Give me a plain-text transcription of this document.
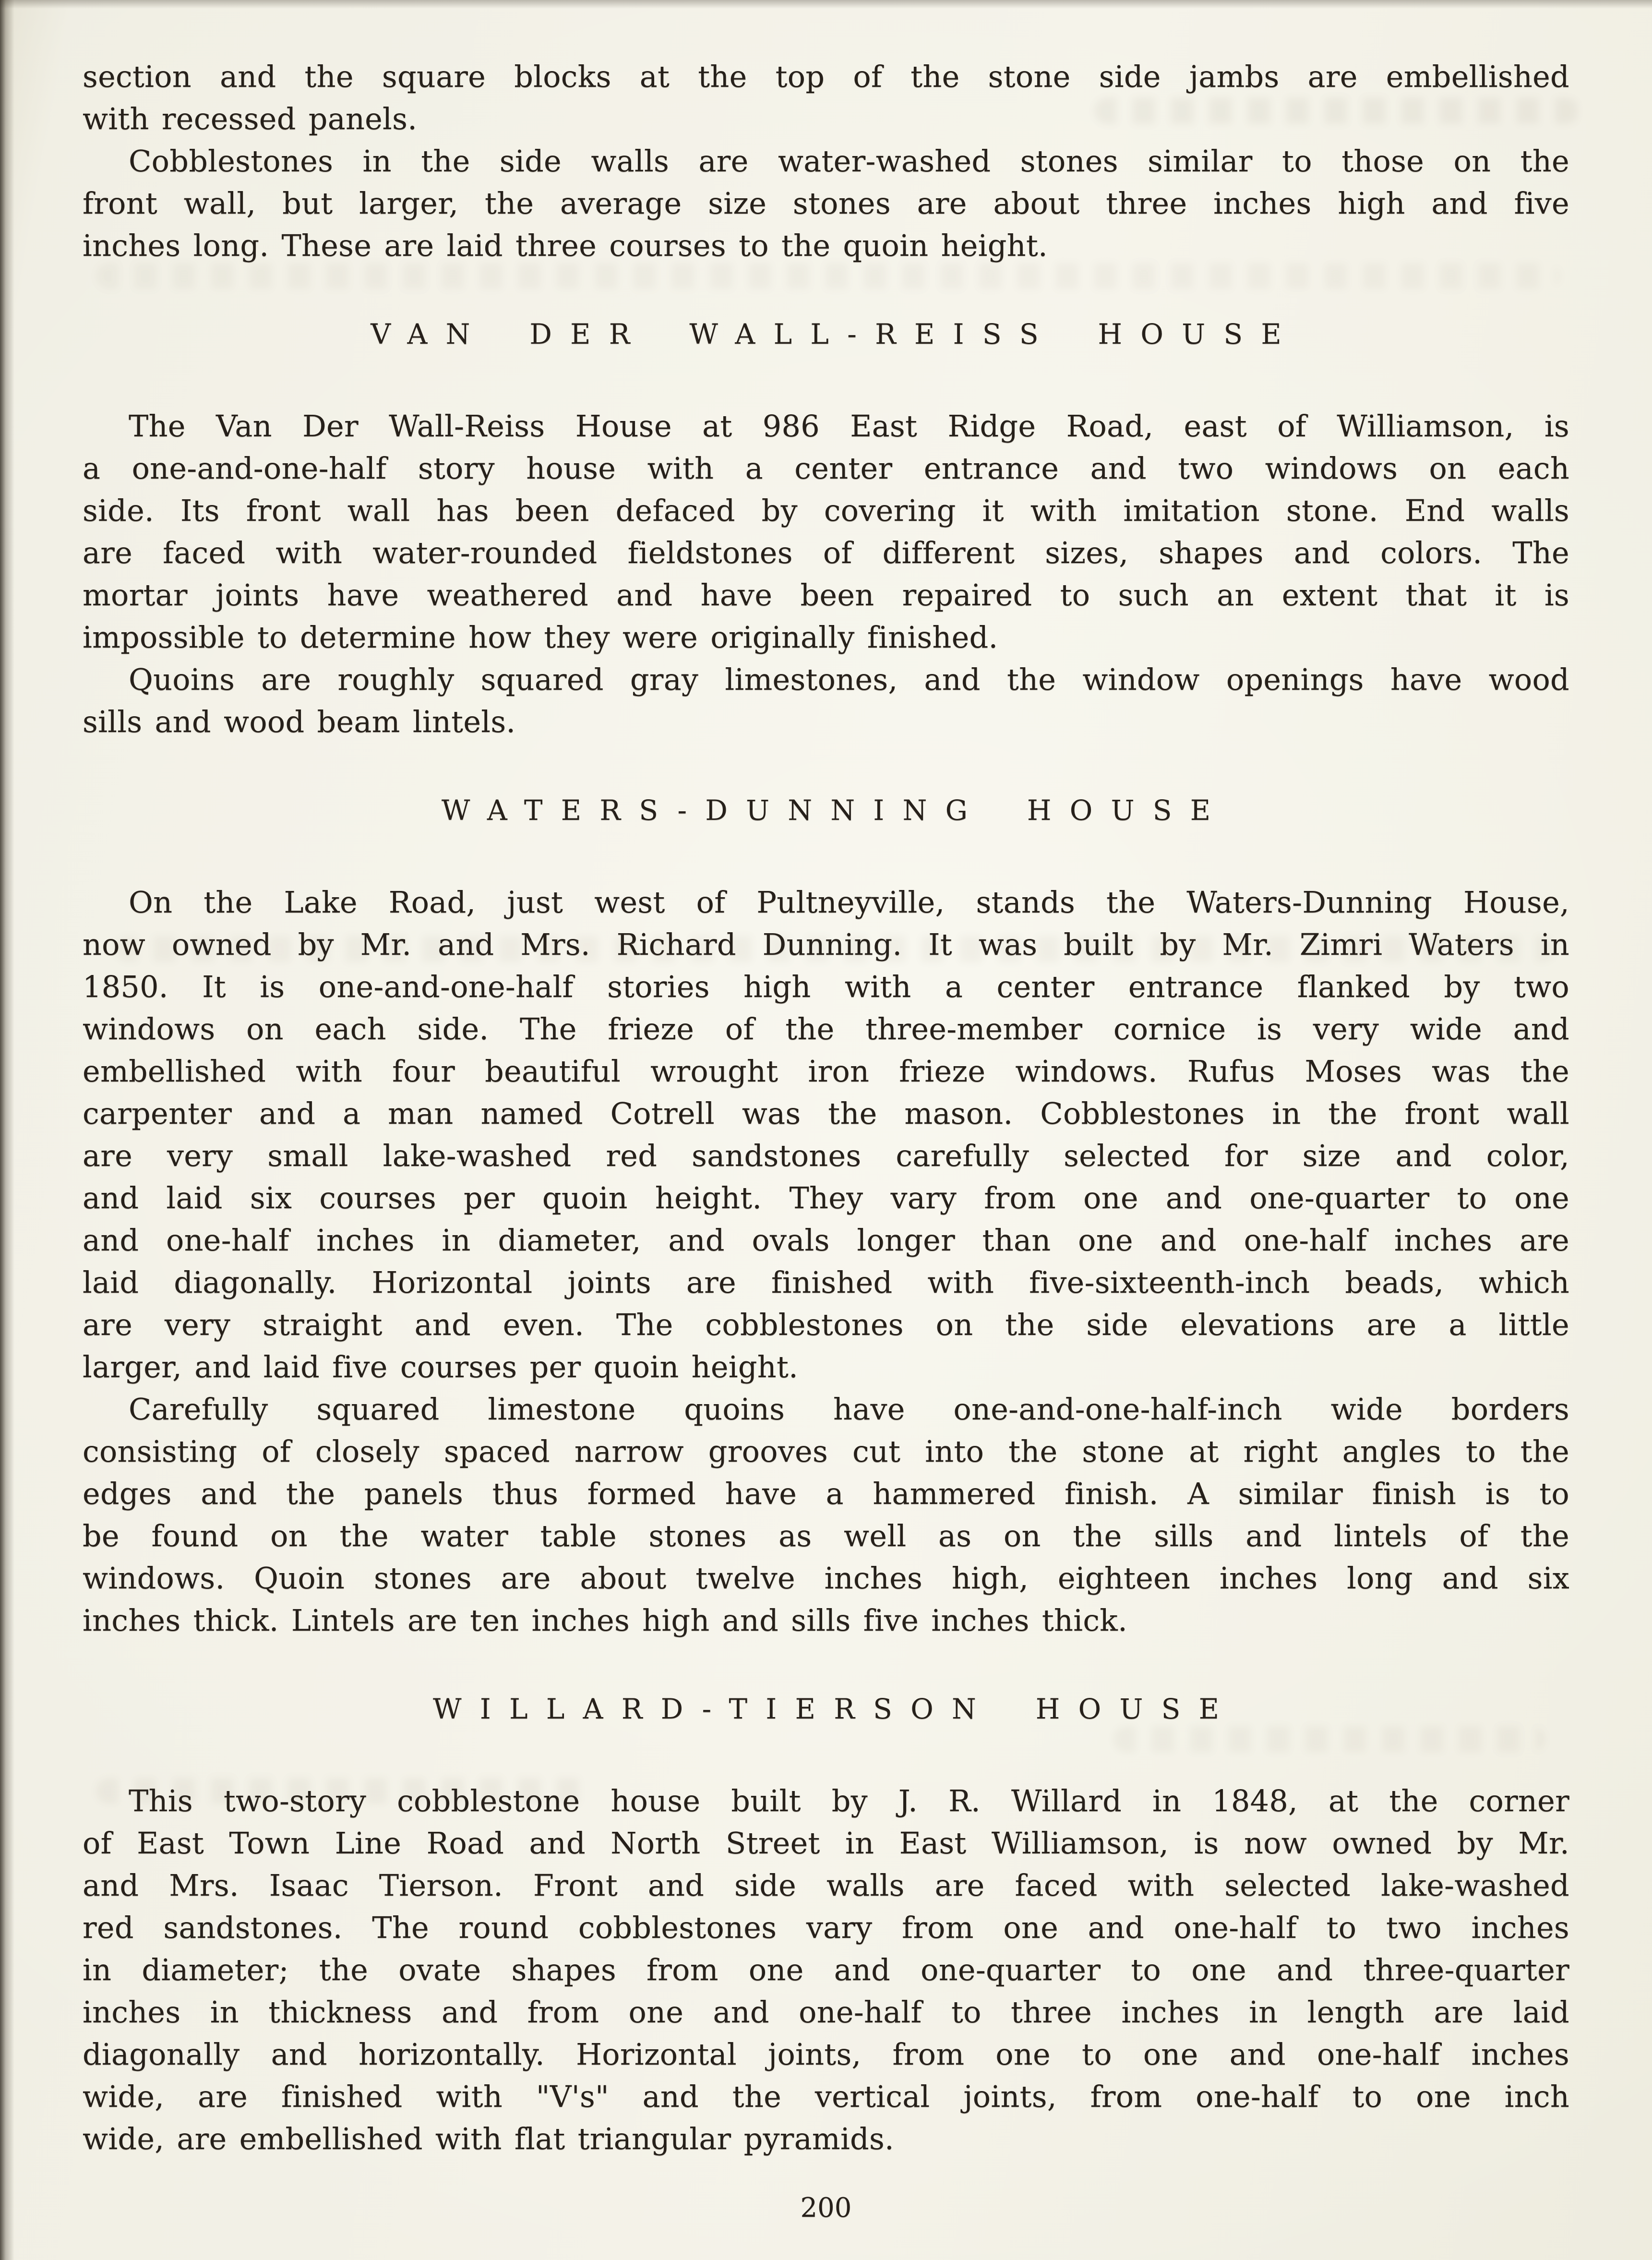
section and the square blocks at the top of the stone side jambs are embellished
with recessed panels.
Cobblestones in the side walls are water-washed stones similar to those on the
front wall, but larger, the average size stones are about three inches high and five
inches long. These are laid three courses to the quoin height.
VAN DER WALL-REISS HOUSE
The Van Der Wall-Reiss House at 986 East Ridge Road, east of Williamson, is
a one-and-one-half story house with a center entrance and two windows on each
side. Its front wall has been defaced by covering it with imitation stone. End walls
are faced with water-rounded fieldstones of different sizes, shapes and colors. The
mortar joints have weathered and have been repaired to such an extent that it is
impossible to determine how they were originally finished.
Quoins are roughly squared gray limestones, and the window openings have wood
sills and wood beam lintels.
WATERS-DUNNING HOUSE
On the Lake Road, just west of Pultneyville, stands the Waters-Dunning House,
now owned by Mr. and Mrs. Richard Dunning. It was built by Mr. Zimri Waters in
1850. It is one-and-one-half stories high with a center entrance flanked by two
windows on each side. The frieze of the three-member cornice is very wide and
embellished with four beautiful wrought iron frieze windows. Rufus Moses was the
carpenter and a man named Cotrell was the mason. Cobblestones in the front wall
are very small lake-washed red sandstones carefully selected for size and color,
and laid six courses per quoin height. They vary from one and one-quarter to one
and one-half inches in diameter, and ovals longer than one and one-half inches are
laid diagonally. Horizontal joints are finished with five-sixteenth-inch beads, which
are very straight and even. The cobblestones on the side elevations are a little
larger, and laid five courses per quoin height.
Carefully squared limestone quoins have one-and-one-half-inch wide borders
consisting of closely spaced narrow grooves cut into the stone at right angles to the
edges and the panels thus formed have a hammered finish. A similar finish is to
be found on the water table stones as well as on the sills and lintels of the
windows. Quoin stones are about twelve inches high, eighteen inches long and six
inches thick. Lintels are ten inches high and sills five inches thick.
WILLARD-TIERSON HOUSE
This two-story cobblestone house built by J. R. Willard in 1848, at the corner
of East Town Line Road and North Street in East Williamson, is now owned by Mr.
and Mrs. Isaac Tierson. Front and side walls are faced with selected lake-washed
red sandstones. The round cobblestones vary from one and one-half to two inches
in diameter; the ovate shapes from one and one-quarter to one and three-quarter
inches in thickness and from one and one-half to three inches in length are laid
diagonally and horizontally. Horizontal joints, from one to one and one-half inches
wide, are finished with "V's" and the vertical joints, from one-half to one inch
wide, are embellished with flat triangular pyramids.
200
